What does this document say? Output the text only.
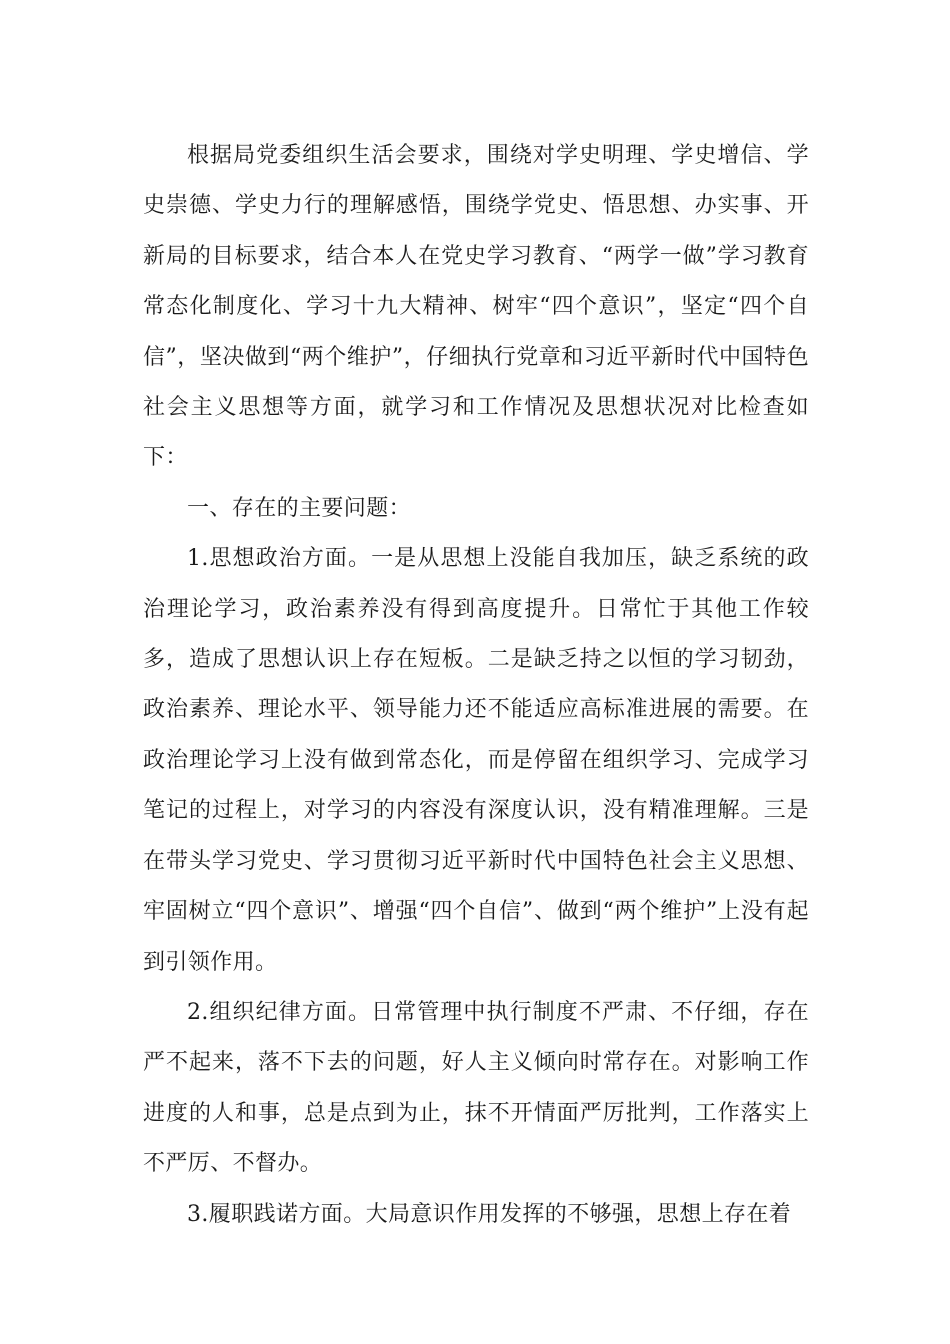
根据局党委组织生活会要求，围绕对学史明理、学史增信、学史崇德、学史力行的理解感悟，围绕学党史、悟思想、办实事、开新局的目标要求，结合本人在党史学习教育、“两学一做”学习教育常态化制度化、学习十九大精神、树牢“四个意识”，坚定“四个自信”，坚决做到“两个维护”，仔细执行党章和习近平新时代中国特色社会主义思想等方面，就学习和工作情况及思想状况对比检查如下：

一、存在的主要问题：

1.思想政治方面。一是从思想上没能自我加压，缺乏系统的政治理论学习，政治素养没有得到高度提升。日常忙于其他工作较多，造成了思想认识上存在短板。二是缺乏持之以恒的学习韧劲，政治素养、理论水平、领导能力还不能适应高标准进展的需要。在政治理论学习上没有做到常态化，而是停留在组织学习、完成学习笔记的过程上，对学习的内容没有深度认识，没有精准理解。三是在带头学习党史、学习贯彻习近平新时代中国特色社会主义思想、牢固树立“四个意识”、增强“四个自信”、做到“两个维护”上没有起到引领作用。

2.组织纪律方面。日常管理中执行制度不严肃、不仔细，存在严不起来，落不下去的问题，好人主义倾向时常存在。对影响工作进度的人和事，总是点到为止，抹不开情面严厉批判，工作落实上不严厉、不督办。

3.履职践诺方面。大局意识作用发挥的不够强，思想上存在着
